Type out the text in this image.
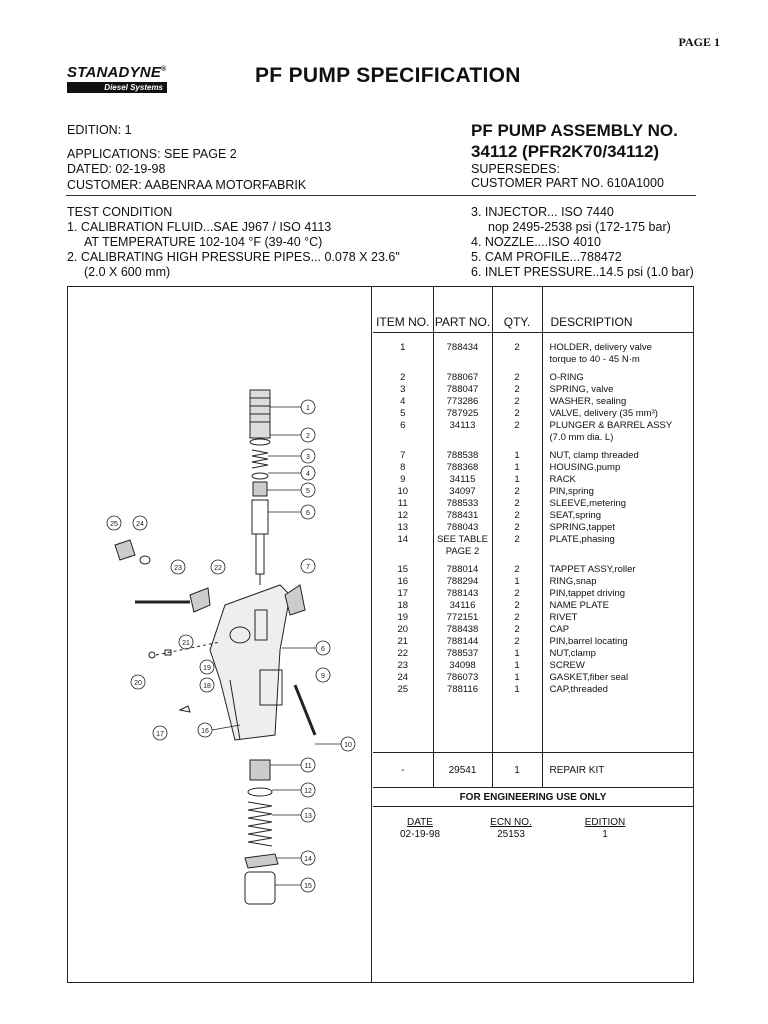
PAGE 1
STANADYNE®
Diesel Systems
PF PUMP SPECIFICATION
EDITION: 1
APPLICATIONS: SEE PAGE 2
DATED: 02-19-98
CUSTOMER: AABENRAA MOTORFABRIK
PF PUMP ASSEMBLY NO.
34112 (PFR2K70/34112)
SUPERSEDES:
CUSTOMER PART NO. 610A1000
TEST CONDITION
1. CALIBRATION FLUID...SAE J967 / ISO 4113
AT TEMPERATURE 102-104 °F (39-40 °C)
2. CALIBRATING HIGH PRESSURE PIPES... 0.078 X 23.6"
(2.0 X 600 mm)
3. INJECTOR... ISO 7440
nop 2495-2538 psi (172-175 bar)
4. NOZZLE....ISO 4010
5. CAM PROFILE...788472
6. INLET PRESSURE..14.5 psi (1.0 bar)
1
2
3
4
5
6
7
6
9
10
11
12
13
14
15
16
17
18
19
20
21
22
23
24
25
ITEM NO.	PART NO.	QTY.	DESCRIPTION
1	788434	2	HOLDER, delivery valve
			torque to 40 - 45 N·m
2	788067	2	O-RING
3	788047	2	SPRING, valve
4	773286	2	WASHER, sealing
5	787925	2	VALVE, delivery (35 mm³)
6	34113	2	PLUNGER & BARREL ASSY
			(7.0 mm dia. L)
7	788538	1	NUT, clamp threaded
8	788368	1	HOUSING,pump
9	34115	1	RACK
10	34097	2	PIN,spring
11	788533	2	SLEEVE,metering
12	788431	2	SEAT,spring
13	788043	2	SPRING,tappet
14	SEE TABLE	2	PLATE,phasing
	PAGE 2		
15	788014	2	TAPPET ASSY,roller
16	788294	1	RING,snap
17	788143	2	PIN,tappet driving
18	34116	2	NAME PLATE
19	772151	2	RIVET
20	788438	2	CAP
21	788144	2	PIN,barrel locating
22	788537	1	NUT,clamp
23	34098	1	SCREW
24	786073	1	GASKET,fiber seal
25	788116	1	CAP,threaded

-	29541	1	REPAIR KIT
FOR ENGINEERING USE ONLY
DATE
02-19-98
ECN NO.
25153
EDITION
1
